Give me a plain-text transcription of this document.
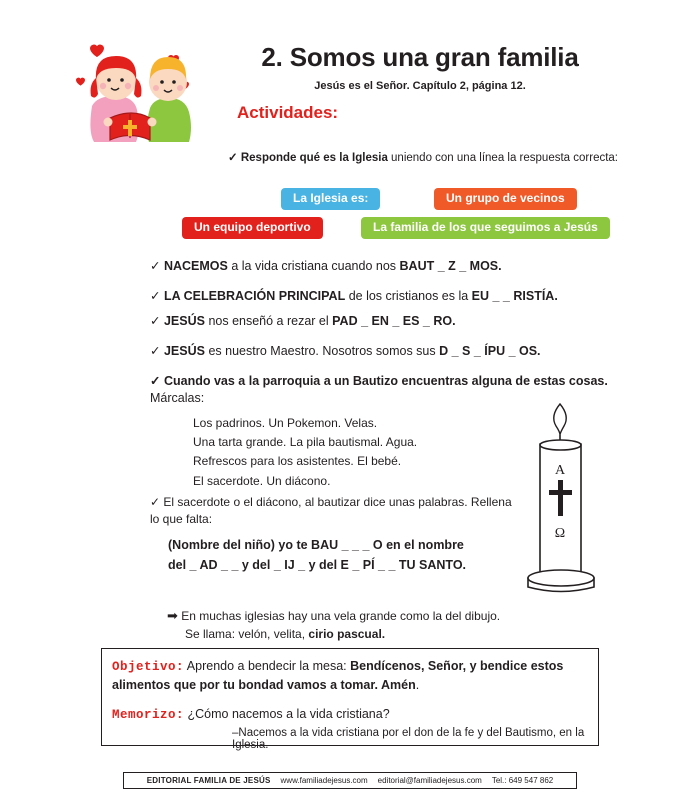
2. Somos una gran familia
Jesús es el Señor. Capítulo 2, página 12.
Actividades:
✓ Responde qué es la Iglesia uniendo con una línea la respuesta correcta:
La Iglesia es:	Un grupo de vecinos
Un equipo deportivo	La familia de los que seguimos a Jesús
✓ NACEMOS a la vida cristiana cuando nos BAUT _ Z _ MOS.
✓ LA CELEBRACIÓN PRINCIPAL de los cristianos es la EU _ _ RISTÍA.
✓ JESÚS nos enseñó a rezar el PAD _ EN _ ES _ RO.
✓ JESÚS es nuestro Maestro. Nosotros somos sus D _ S _ ÍPU _ OS.
✓ Cuando vas a la parroquia a un Bautizo encuentras alguna de estas cosas.
Márcalas:
Los padrinos. Un Pokemon. Velas.
Una tarta grande. La pila bautismal. Agua.
Refrescos para los asistentes. El bebé.
El sacerdote. Un diácono.
✓ El sacerdote o el diácono, al bautizar dice unas palabras. Rellena lo que falta:
(Nombre del niño) yo te BAU _ _ _ O en el nombre
del _ AD _ _ y del _ IJ _ y del E _ PÍ _ _ TU SANTO.
➡ En muchas iglesias hay una vela grande como la del dibujo.
Se llama: velón, velita, cirio pascual.
A
Ω
Objetivo: Aprendo a bendecir la mesa: Bendícenos, Señor, y bendice estos alimentos que por tu bondad vamos a tomar. Amén.
Memorizo: ¿Cómo nacemos a la vida cristiana?
–Nacemos a la vida cristiana por el don de la fe y del Bautismo, en la Iglesia.
EDITORIAL FAMILIA DE JESÚS www.familiadejesus.com editorial@familiadejesus.com Tel.: 649 547 862
